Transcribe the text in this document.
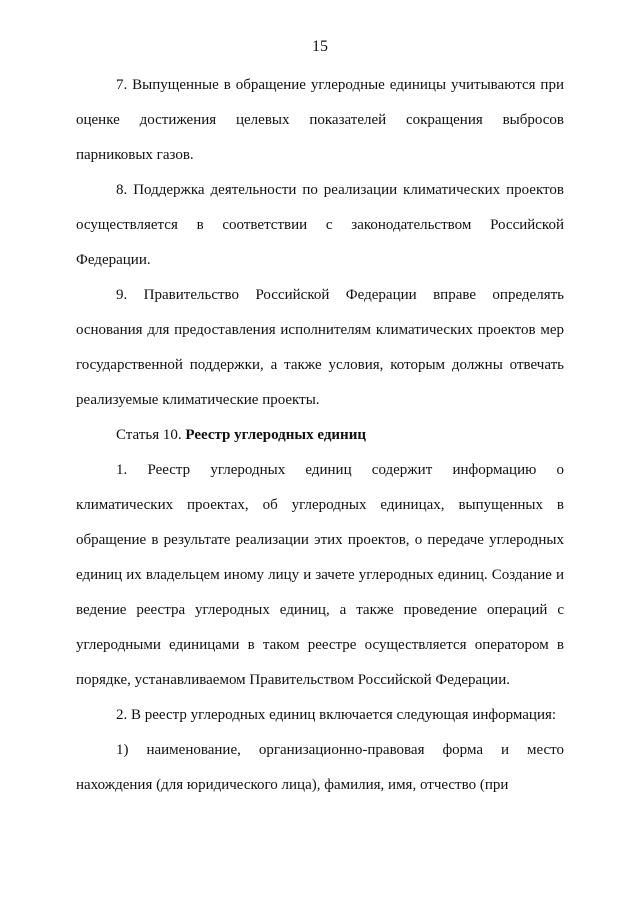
15

7. Выпущенные в обращение углеродные единицы учитываются при оценке достижения целевых показателей сокращения выбросов парниковых газов.

8. Поддержка деятельности по реализации климатических проектов осуществляется в соответствии с законодательством Российской Федерации.

9. Правительство Российской Федерации вправе определять основания для предоставления исполнителям климатических проектов мер государственной поддержки, а также условия, которым должны отвечать реализуемые климатические проекты.

Статья 10. Реестр углеродных единиц

1. Реестр углеродных единиц содержит информацию о климатических проектах, об углеродных единицах, выпущенных в обращение в результате реализации этих проектов, о передаче углеродных единиц их владельцем иному лицу и зачете углеродных единиц. Создание и ведение реестра углеродных единиц, а также проведение операций с углеродными единицами в таком реестре осуществляется оператором в порядке, устанавливаемом Правительством Российской Федерации.

2. В реестр углеродных единиц включается следующая информация:

1) наименование, организационно-правовая форма и место нахождения (для юридического лица), фамилия, имя, отчество (при
